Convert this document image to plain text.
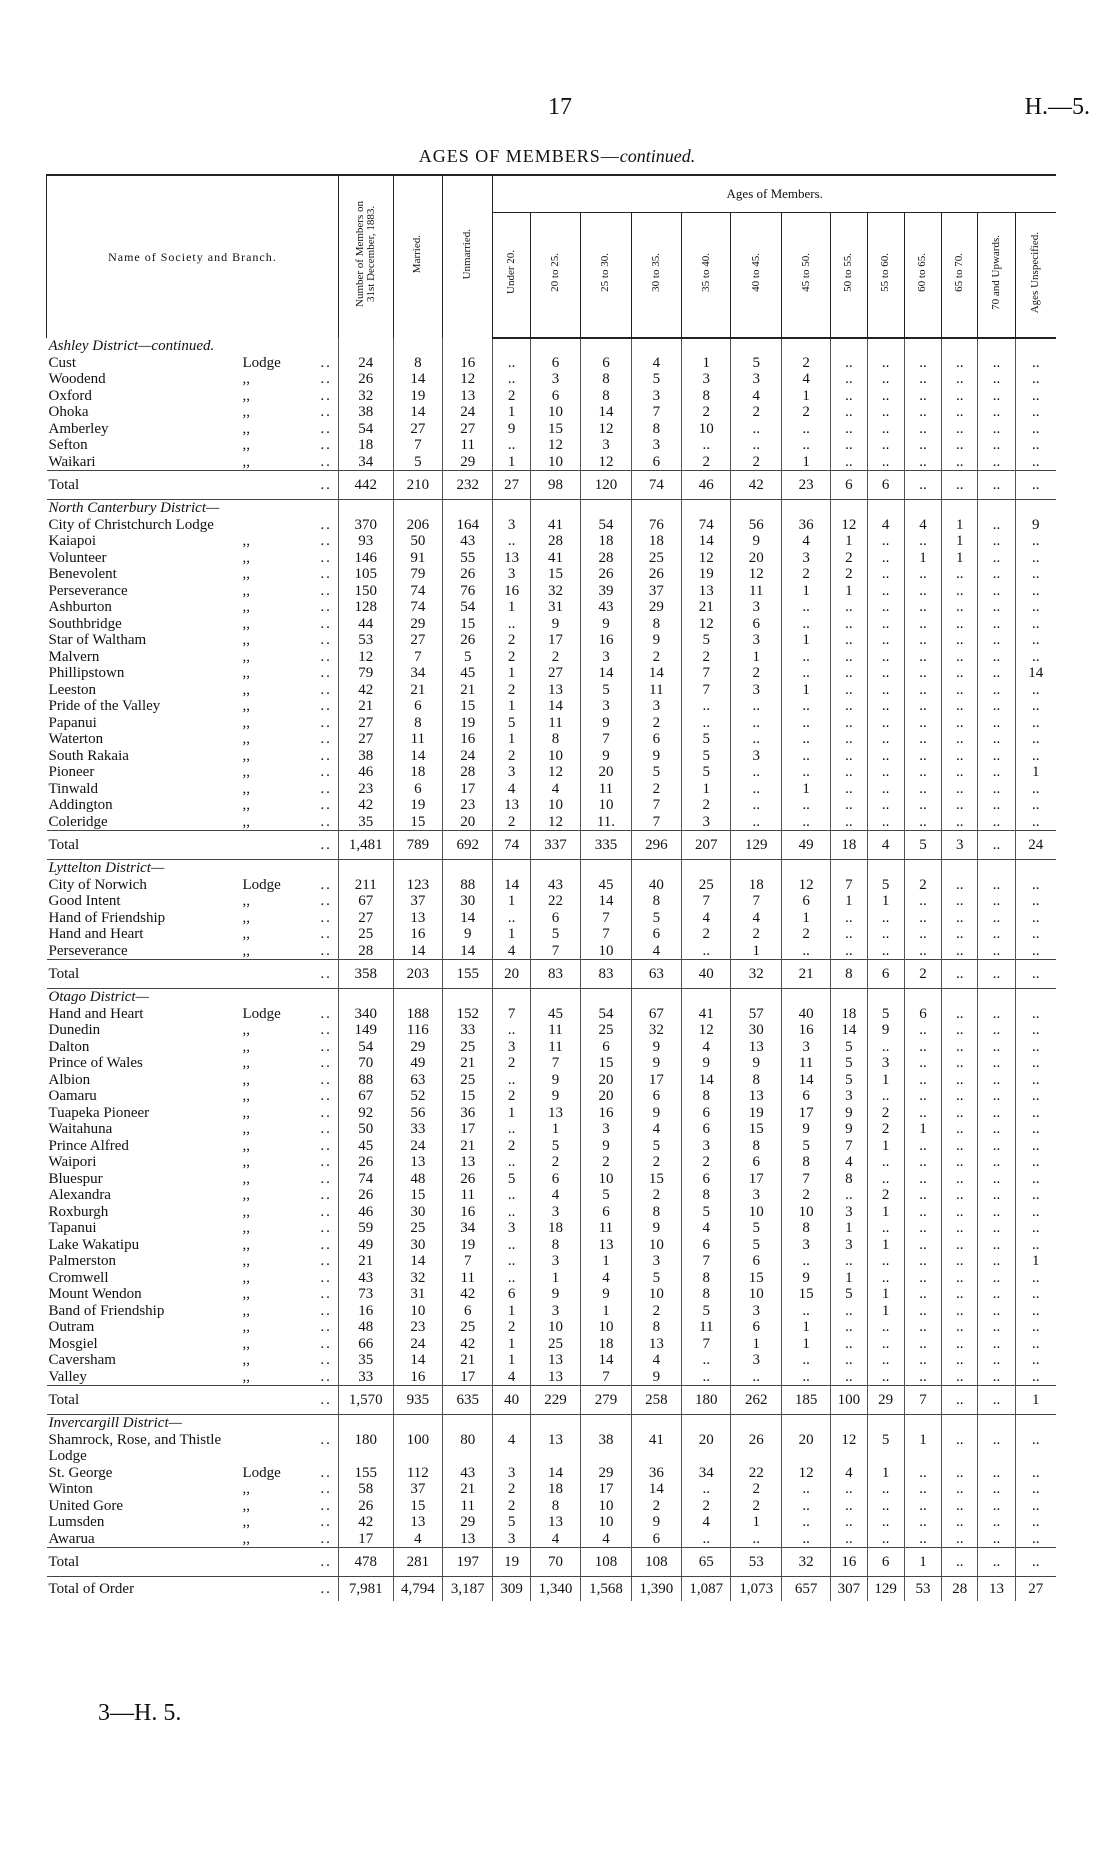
17	H.—5.
AGES OF MEMBERS—continued.
Name of Society and Branch.	Number of Members on 31st December, 1883.	Married.	Unmarried.	Ages of Members.												
				Under 20.	20 to 25.	25 to 30.	30 to 35.	35 to 40.	40 to 45.	45 to 50.	50 to 55.	55 to 60.	60 to 65.	65 to 70.	70 and Upwards.	Ages Unspecified.
Ashley District—continued.																

..
Cust Lodge	24	8	16	..	6	6	4	1	5	2	..	..	..	..	..	..

..
Woodend ,,	26	14	12	..	3	8	5	3	3	4	..	..	..	..	..	..

..
Oxford ,,	32	19	13	2	6	8	3	8	4	1	..	..	..	..	..	..

..
Ohoka ,,	38	14	24	1	10	14	7	2	2	2	..	..	..	..	..	..

..
Amberley ,,	54	27	27	9	15	12	8	10	..	..	..	..	..	..	..	..

..
Sefton ,,	18	7	11	..	12	3	3	..	..	..	..	..	..	..	..	..

..
Waikari ,,	34	5	29	1	10	12	6	2	2	1	..	..	..	..	..	..

..
Total	442	210	232	27	98	120	74	46	42	23	6	6	..	..	..	..
North Canterbury District—																

..
City of Christchurch Lodge	370	206	164	3	41	54	76	74	56	36	12	4	4	1	..	9

..
Kaiapoi ,,	93	50	43	..	28	18	18	14	9	4	1	..	..	1	..	..

..
Volunteer ,,	146	91	55	13	41	28	25	12	20	3	2	..	1	1	..	..

..
Benevolent ,,	105	79	26	3	15	26	26	19	12	2	2	..	..	..	..	..

..
Perseverance ,,	150	74	76	16	32	39	37	13	11	1	1	..	..	..	..	..

..
Ashburton ,,	128	74	54	1	31	43	29	21	3	..	..	..	..	..	..	..

..
Southbridge ,,	44	29	15	..	9	9	8	12	6	..	..	..	..	..	..	..

..
Star of Waltham ,,	53	27	26	2	17	16	9	5	3	1	..	..	..	..	..	..

..
Malvern ,,	12	7	5	2	2	3	2	2	1	..	..	..	..	..	..	..

..
Phillipstown ,,	79	34	45	1	27	14	14	7	2	..	..	..	..	..	..	14

..
Leeston ,,	42	21	21	2	13	5	11	7	3	1	..	..	..	..	..	..

..
Pride of the Valley ,,	21	6	15	1	14	3	3	..	..	..	..	..	..	..	..	..

..
Papanui ,,	27	8	19	5	11	9	2	..	..	..	..	..	..	..	..	..

..
Waterton ,,	27	11	16	1	8	7	6	5	..	..	..	..	..	..	..	..

..
South Rakaia ,,	38	14	24	2	10	9	9	5	3	..	..	..	..	..	..	..

..
Pioneer ,,	46	18	28	3	12	20	5	5	..	..	..	..	..	..	..	1

..
Tinwald ,,	23	6	17	4	4	11	2	1	..	1	..	..	..	..	..	..

..
Addington ,,	42	19	23	13	10	10	7	2	..	..	..	..	..	..	..	..

..
Coleridge ,,	35	15	20	2	12	11.	7	3	..	..	..	..	..	..	..	..

..
Total	1,481	789	692	74	337	335	296	207	129	49	18	4	5	3	..	24
Lyttelton District—																

..
City of Norwich Lodge	211	123	88	14	43	45	40	25	18	12	7	5	2	..	..	..

..
Good Intent ,,	67	37	30	1	22	14	8	7	7	6	1	1	..	..	..	..

..
Hand of Friendship ,,	27	13	14	..	6	7	5	4	4	1	..	..	..	..	..	..

..
Hand and Heart ,,	25	16	9	1	5	7	6	2	2	2	..	..	..	..	..	..

..
Perseverance ,,	28	14	14	4	7	10	4	..	1	..	..	..	..	..	..	..

..
Total	358	203	155	20	83	83	63	40	32	21	8	6	2	..	..	..
Otago District—																

..
Hand and Heart Lodge	340	188	152	7	45	54	67	41	57	40	18	5	6	..	..	..

..
Dunedin ,,	149	116	33	..	11	25	32	12	30	16	14	9	..	..	..	..

..
Dalton ,,	54	29	25	3	11	6	9	4	13	3	5	..	..	..	..	..

..
Prince of Wales ,,	70	49	21	2	7	15	9	9	9	11	5	3	..	..	..	..

..
Albion ,,	88	63	25	..	9	20	17	14	8	14	5	1	..	..	..	..

..
Oamaru ,,	67	52	15	2	9	20	6	8	13	6	3	..	..	..	..	..

..
Tuapeka Pioneer ,,	92	56	36	1	13	16	9	6	19	17	9	2	..	..	..	..

..
Waitahuna ,,	50	33	17	..	1	3	4	6	15	9	9	2	1	..	..	..

..
Prince Alfred ,,	45	24	21	2	5	9	5	3	8	5	7	1	..	..	..	..

..
Waipori ,,	26	13	13	..	2	2	2	2	6	8	4	..	..	..	..	..

..
Bluespur ,,	74	48	26	5	6	10	15	6	17	7	8	..	..	..	..	..

..
Alexandra ,,	26	15	11	..	4	5	2	8	3	2	..	2	..	..	..	..

..
Roxburgh ,,	46	30	16	..	3	6	8	5	10	10	3	1	..	..	..	..

..
Tapanui ,,	59	25	34	3	18	11	9	4	5	8	1	..	..	..	..	..

..
Lake Wakatipu ,,	49	30	19	..	8	13	10	6	5	3	3	1	..	..	..	..

..
Palmerston ,,	21	14	7	..	3	1	3	7	6	..	..	..	..	..	..	1

..
Cromwell ,,	43	32	11	..	1	4	5	8	15	9	1	..	..	..	..	..

..
Mount Wendon ,,	73	31	42	6	9	9	10	8	10	15	5	1	..	..	..	..

..
Band of Friendship ,,	16	10	6	1	3	1	2	5	3	..	..	1	..	..	..	..

..
Outram ,,	48	23	25	2	10	10	8	11	6	1	..	..	..	..	..	..

..
Mosgiel ,,	66	24	42	1	25	18	13	7	1	1	..	..	..	..	..	..

..
Caversham ,,	35	14	21	1	13	14	4	..	3	..	..	..	..	..	..	..

..
Valley ,,	33	16	17	4	13	7	9	..	..	..	..	..	..	..	..	..

..
Total	1,570	935	635	40	229	279	258	180	262	185	100	29	7	..	..	1
Invercargill District—																

..
Shamrock, Rose, and Thistle	180	100	80	4	13	38	41	20	26	20	12	5	1	..	..	..
Lodge																

..
St. George Lodge	155	112	43	3	14	29	36	34	22	12	4	1	..	..	..	..

..
Winton ,,	58	37	21	2	18	17	14	..	2	..	..	..	..	..	..	..

..
United Gore ,,	26	15	11	2	8	10	2	2	2	..	..	..	..	..	..	..

..
Lumsden ,,	42	13	29	5	13	10	9	4	1	..	..	..	..	..	..	..

..
Awarua ,,	17	4	13	3	4	4	6	..	..	..	..	..	..	..	..	..

..
Total	478	281	197	19	70	108	108	65	53	32	16	6	1	..	..	..

..
Total of Order	7,981	4,794	3,187	309	1,340	1,568	1,390	1,087	1,073	657	307	129	53	28	13	27
3—H. 5.
